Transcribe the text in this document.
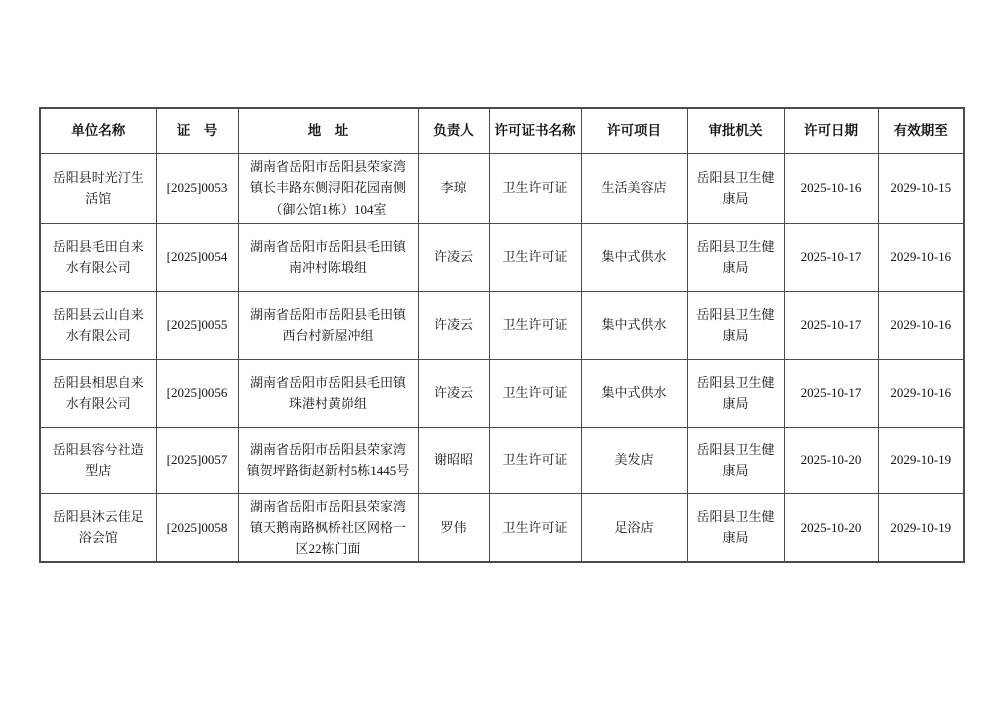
单位名称	证　号	地　址	负责人	许可证书名称	许可项目	审批机关	许可日期	有效期至
岳阳县时光汀生活馆	[2025]0053	湖南省岳阳市岳阳县荣家湾镇长丰路东侧浔阳花园南侧（御公馆1栋）104室	李琼	卫生许可证	生活美容店	岳阳县卫生健康局	2025-10-16	2029-10-15
岳阳县毛田自来水有限公司	[2025]0054	湖南省岳阳市岳阳县毛田镇南冲村陈塅组	许凌云	卫生许可证	集中式供水	岳阳县卫生健康局	2025-10-17	2029-10-16
岳阳县云山自来水有限公司	[2025]0055	湖南省岳阳市岳阳县毛田镇西台村新屋冲组	许凌云	卫生许可证	集中式供水	岳阳县卫生健康局	2025-10-17	2029-10-16
岳阳县相思自来水有限公司	[2025]0056	湖南省岳阳市岳阳县毛田镇珠港村黄峁组	许凌云	卫生许可证	集中式供水	岳阳县卫生健康局	2025-10-17	2029-10-16
岳阳县容兮社造型店	[2025]0057	湖南省岳阳市岳阳县荣家湾镇贺坪路街赵新村5栋1445号	谢昭昭	卫生许可证	美发店	岳阳县卫生健康局	2025-10-20	2029-10-19
岳阳县沐云佳足浴会馆	[2025]0058	湖南省岳阳市岳阳县荣家湾镇天鹅南路枫桥社区网格一区22栋门面	罗伟	卫生许可证	足浴店	岳阳县卫生健康局	2025-10-20	2029-10-19
